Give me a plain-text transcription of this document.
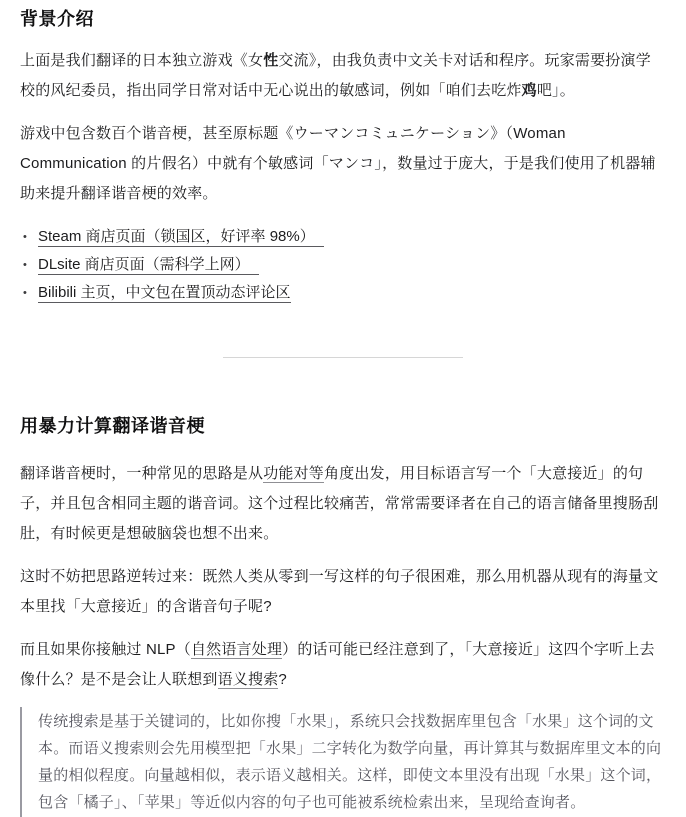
背景介绍

上面是我们翻译的日本独立游戏《女性交流》，由我负责中文关卡对话和程序。玩家需要扮演学校的风纪委员，指出同学日常对话中无心说出的敏感词，例如「咱们去吃炸鸡吧」。

游戏中包含数百个谐音梗，甚至原标题《ウーマンコミュニケーション》（Woman Communication 的片假名）中就有个敏感词「マンコ」，数量过于庞大，于是我们使用了机器辅助来提升翻译谐音梗的效率。

• Steam 商店页面（锁国区，好评率 98%）
• DLsite 商店页面（需科学上网）
• Bilibili 主页，中文包在置顶动态评论区
用暴力计算翻译谐音梗

翻译谐音梗时，一种常见的思路是从功能对等角度出发，用目标语言写一个「大意接近」的句子，并且包含相同主题的谐音词。这个过程比较痛苦，常常需要译者在自己的语言储备里搜肠刮肚，有时候更是想破脑袋也想不出来。

这时不妨把思路逆转过来：既然人类从零到一写这样的句子很困难，那么用机器从现有的海量文本里找「大意接近」的含谐音句子呢?

而且如果你接触过 NLP（自然语言处理）的话可能已经注意到了，「大意接近」这四个字听上去像什么？是不是会让人联想到语义搜索?

传统搜索是基于关键词的，比如你搜「水果」，系统只会找数据库里包含「水果」这个词的文本。而语义搜索则会先用模型把「水果」二字转化为数学向量，再计算其与数据库里文本的向量的相似程度。向量越相似，表示语义越相关。这样，即使文本里没有出现「水果」这个词，包含「橘子」、「苹果」等近似内容的句子也可能被系统检索出来，呈现给查询者。
